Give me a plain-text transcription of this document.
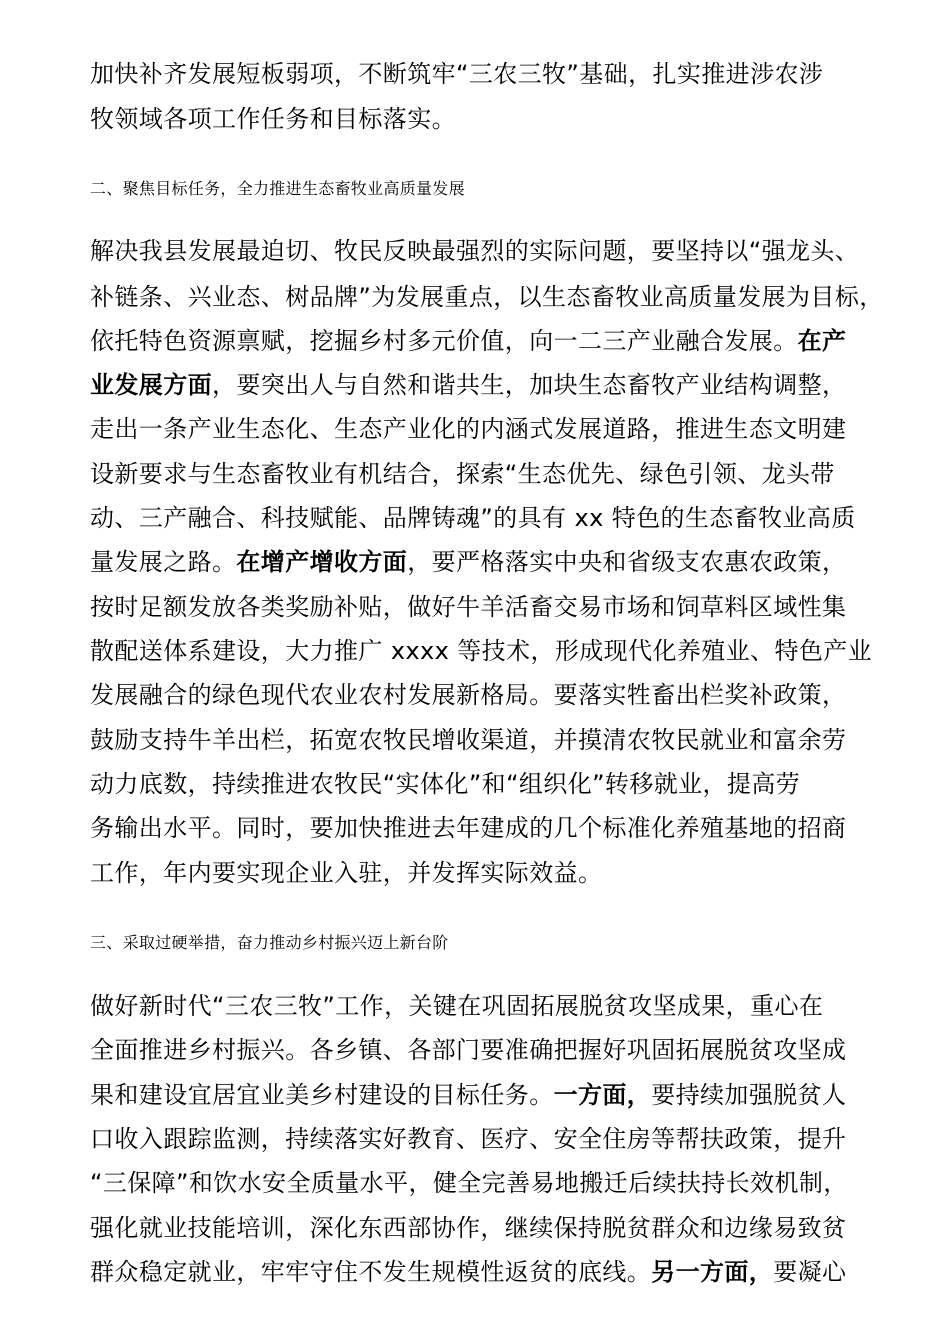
加快补齐发展短板弱项，不断筑牢“三农三牧”基础，扎实推进涉农涉
牧领域各项工作任务和目标落实。
二、聚焦目标任务，全力推进生态畜牧业高质量发展
解决我县发展最迫切、牧民反映最强烈的实际问题，要坚持以“强龙头、
补链条、兴业态、树品牌”为发展重点，以生态畜牧业高质量发展为目标，
依托特色资源禀赋，挖掘乡村多元价值，向一二三产业融合发展。在产
业发展方面，要突出人与自然和谐共生，加块生态畜牧产业结构调整，
走出一条产业生态化、生态产业化的内涵式发展道路，推进生态文明建
设新要求与生态畜牧业有机结合，探索“生态优先、绿色引领、龙头带
动、三产融合、科技赋能、品牌铸魂”的具有 xx 特色的生态畜牧业高质
量发展之路。在增产增收方面，要严格落实中央和省级支农惠农政策，
按时足额发放各类奖励补贴，做好牛羊活畜交易市场和饲草料区域性集
散配送体系建设，大力推广 xxxx 等技术，形成现代化养殖业、特色产业
发展融合的绿色现代农业农村发展新格局。要落实牲畜出栏奖补政策，
鼓励支持牛羊出栏，拓宽农牧民增收渠道，并摸清农牧民就业和富余劳
动力底数，持续推进农牧民“实体化”和“组织化”转移就业，提高劳
务输出水平。同时，要加快推进去年建成的几个标准化养殖基地的招商
工作，年内要实现企业入驻，并发挥实际效益。
三、采取过硬举措，奋力推动乡村振兴迈上新台阶
做好新时代“三农三牧”工作，关键在巩固拓展脱贫攻坚成果，重心在
全面推进乡村振兴。各乡镇、各部门要准确把握好巩固拓展脱贫攻坚成
果和建设宜居宜业美乡村建设的目标任务。一方面，要持续加强脱贫人
口收入跟踪监测，持续落实好教育、医疗、安全住房等帮扶政策，提升
“三保障”和饮水安全质量水平，健全完善易地搬迁后续扶持长效机制，
强化就业技能培训，深化东西部协作，继续保持脱贫群众和边缘易致贫
群众稳定就业，牢牢守住不发生规模性返贫的底线。另一方面，要凝心
